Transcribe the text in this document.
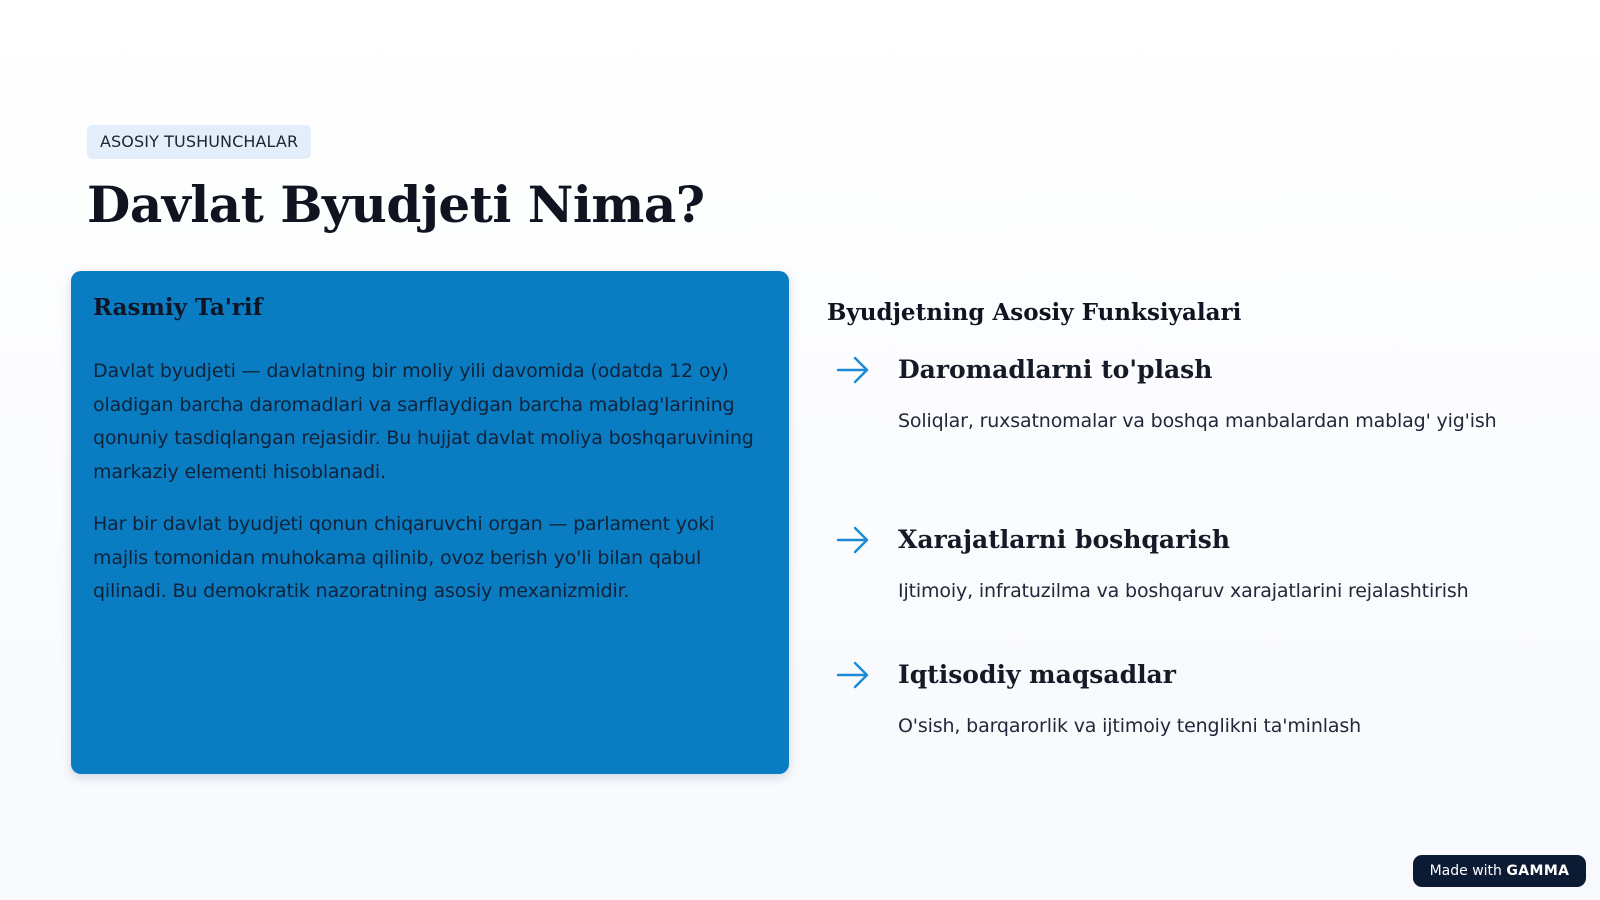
ASOSIY TUSHUNCHALAR
Davlat Byudjeti Nima?
Rasmiy Ta'rif

Davlat byudjeti — davlatning bir moliy yili davomida (odatda 12 oy) oladigan barcha daromadlari va sarflaydigan barcha mablag'larining qonuniy tasdiqlangan rejasidir. Bu hujjat davlat moliya boshqaruvining markaziy elementi hisoblanadi.

Har bir davlat byudjeti qonun chiqaruvchi organ — parlament yoki majlis tomonidan muhokama qilinib, ovoz berish yo'li bilan qabul qilinadi. Bu demokratik nazoratning asosiy mexanizmidir.

Byudjetning Asosiy Funksiyalari
Daromadlarni to'plash

Soliqlar, ruxsatnomalar va boshqa manbalardan mablag' yig'ish

Xarajatlarni boshqarish

Ijtimoiy, infratuzilma va boshqaruv xarajatlarini rejalashtirish

Iqtisodiy maqsadlar

O'sish, barqarorlik va ijtimoiy tenglikni ta'minlash

Made with GAMMA
